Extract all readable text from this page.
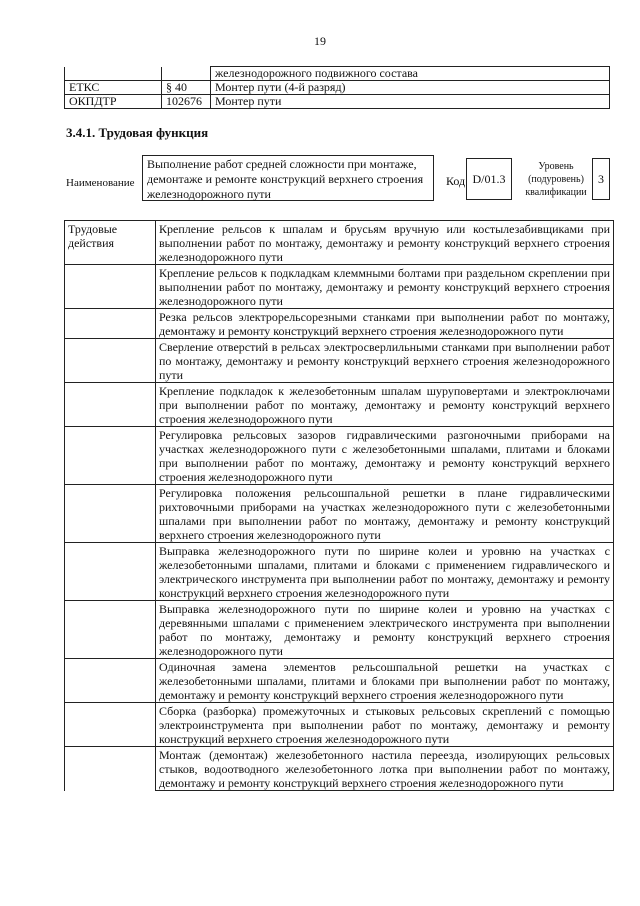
19
		железнодорожного подвижного состава
ЕТКС	§ 40	Монтер пути (4-й разряд)
ОКПДТР	102676	Монтер пути
3.4.1. Трудовая функция
Наименование
Выполнение работ средней сложности при монтаже, демонтаже и ремонте конструкций верхнего строения железнодорожного пути
Код D/01.3
Уровень (подуровень) квалификации
3
Трудовые действия	Крепление рельсов к шпалам и брусьям вручную или костылезабивщиками при выполнении работ по монтажу, демонтажу и ремонту конструкций верхнего строения железнодорожного пути
	Крепление рельсов к подкладкам клеммными болтами при раздельном скреплении при выполнении работ по монтажу, демонтажу и ремонту конструкций верхнего строения железнодорожного пути
	Резка рельсов электрорельсорезными станками при выполнении работ по монтажу, демонтажу и ремонту конструкций верхнего строения железнодорожного пути
	Сверление отверстий в рельсах электросверлильными станками при выполнении работ по монтажу, демонтажу и ремонту конструкций верхнего строения железнодорожного пути
	Крепление подкладок к железобетонным шпалам шуруповертами и электроключами при выполнении работ по монтажу, демонтажу и ремонту конструкций верхнего строения железнодорожного пути
	Регулировка рельсовых зазоров гидравлическими разгоночными приборами на участках железнодорожного пути с железобетонными шпалами, плитами и блоками при выполнении работ по монтажу, демонтажу и ремонту конструкций верхнего строения железнодорожного пути
	Регулировка положения рельсошпальной решетки в плане гидравлическими рихтовочными приборами на участках железнодорожного пути с железобетонными шпалами при выполнении работ по монтажу, демонтажу и ремонту конструкций верхнего строения железнодорожного пути
	Выправка железнодорожного пути по ширине колеи и уровню на участках с железобетонными шпалами, плитами и блоками с применением гидравлического и электрического инструмента при выполнении работ по монтажу, демонтажу и ремонту конструкций верхнего строения железнодорожного пути
	Выправка железнодорожного пути по ширине колеи и уровню на участках с деревянными шпалами с применением электрического инструмента при выполнении работ по монтажу, демонтажу и ремонту конструкций верхнего строения железнодорожного пути
	Одиночная замена элементов рельсошпальной решетки на участках с железобетонными шпалами, плитами и блоками при выполнении работ по монтажу, демонтажу и ремонту конструкций верхнего строения железнодорожного пути
	Сборка (разборка) промежуточных и стыковых рельсовых скреплений с помощью электроинструмента при выполнении работ по монтажу, демонтажу и ремонту конструкций верхнего строения железнодорожного пути
	Монтаж (демонтаж) железобетонного настила переезда, изолирующих рельсовых стыков, водоотводного железобетонного лотка при выполнении работ по монтажу, демонтажу и ремонту конструкций верхнего строения железнодорожного пути
